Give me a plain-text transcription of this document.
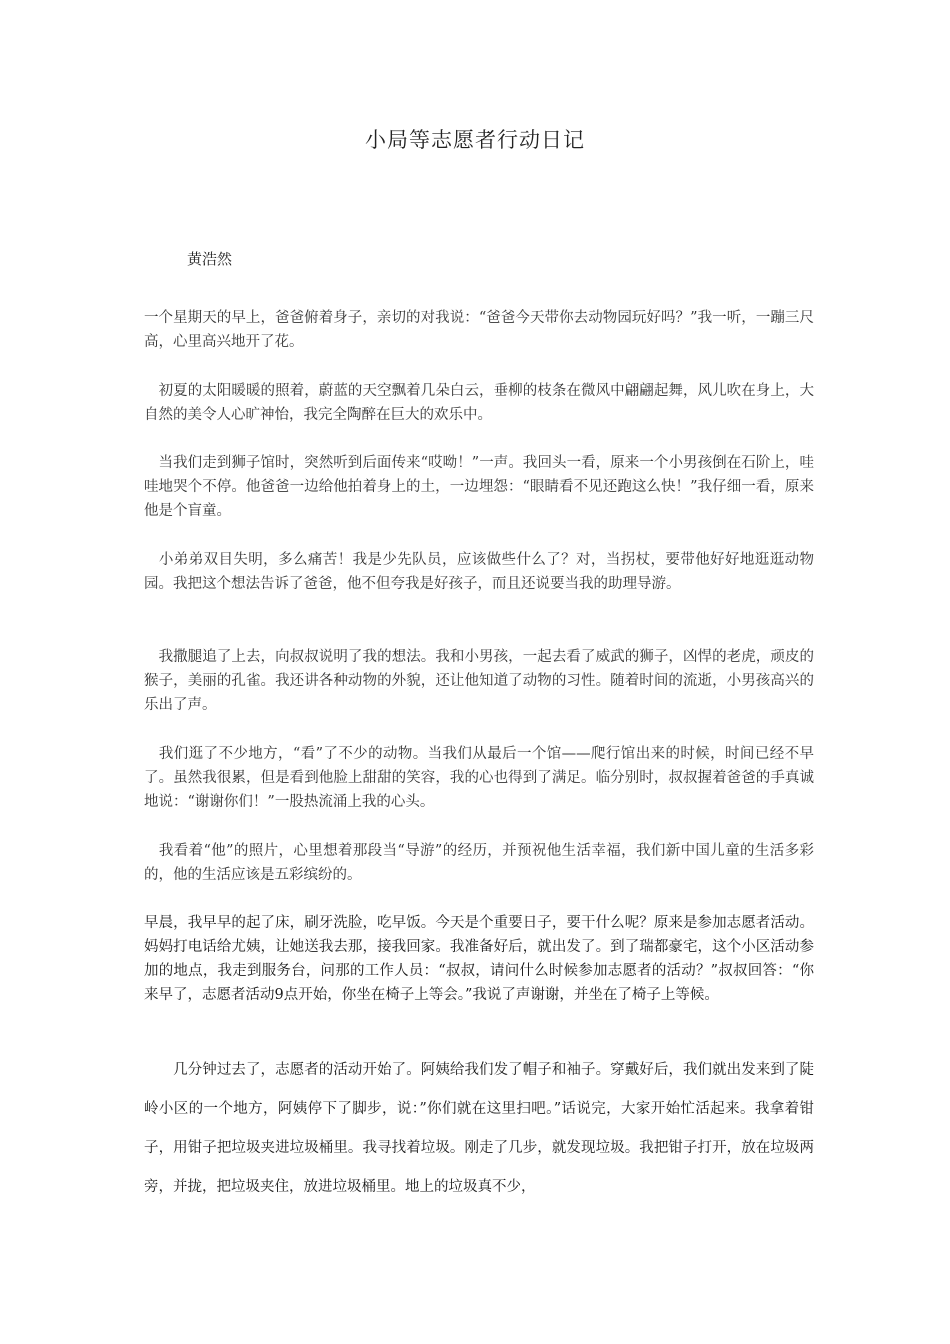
小局等志愿者行动日记
黄浩然
一个星期天的早上，爸爸俯着身子，亲切的对我说：“爸爸今天带你去动物园玩好吗？”我一听，一蹦三尺高，心里高兴地开了花。
　初夏的太阳暖暖的照着，蔚蓝的天空飘着几朵白云，垂柳的枝条在微风中翩翩起舞，风儿吹在身上，大自然的美令人心旷神怡，我完全陶醉在巨大的欢乐中。
　当我们走到狮子馆时，突然听到后面传来“哎呦！”一声。我回头一看，原来一个小男孩倒在石阶上，哇哇地哭个不停。他爸爸一边给他拍着身上的土，一边埋怨：“眼睛看不见还跑这么快！”我仔细一看，原来他是个盲童。
　小弟弟双目失明，多么痛苦！我是少先队员，应该做些什么了？对，当拐杖，要带他好好地逛逛动物园。我把这个想法告诉了爸爸，他不但夸我是好孩子，而且还说要当我的助理导游。
　我撒腿追了上去，向叔叔说明了我的想法。我和小男孩，一起去看了威武的狮子，凶悍的老虎，顽皮的猴子，美丽的孔雀。我还讲各种动物的外貌，还让他知道了动物的习性。随着时间的流逝，小男孩高兴的乐出了声。
　我们逛了不少地方，“看”了不少的动物。当我们从最后一个馆——爬行馆出来的时候，时间已经不早了。虽然我很累，但是看到他脸上甜甜的笑容，我的心也得到了满足。临分别时，叔叔握着爸爸的手真诚地说：“谢谢你们！”一股热流涌上我的心头。
　我看着“他”的照片，心里想着那段当“导游”的经历，并预祝他生活幸福，我们新中国儿童的生活多彩的，他的生活应该是五彩缤纷的。
早晨，我早早的起了床，刷牙洗脸，吃早饭。今天是个重要日子，要干什么呢？原来是参加志愿者活动。妈妈打电话给尤姨，让她送我去那，接我回家。我准备好后，就出发了。到了瑞都豪宅，这个小区活动参加的地点，我走到服务台，问那的工作人员：“叔叔，请问什么时候参加志愿者的活动？”叔叔回答：“你来早了，志愿者活动9点开始，你坐在椅子上等会。”我说了声谢谢，并坐在了椅子上等候。
　　几分钟过去了，志愿者的活动开始了。阿姨给我们发了帽子和袖子。穿戴好后，我们就出发来到了陡岭小区的一个地方，阿姨停下了脚步，说：”你们就在这里扫吧。”话说完，大家开始忙活起来。我拿着钳子，用钳子把垃圾夹进垃圾桶里。我寻找着垃圾。刚走了几步，就发现垃圾。我把钳子打开，放在垃圾两旁，并拢，把垃圾夹住，放进垃圾桶里。地上的垃圾真不少，
